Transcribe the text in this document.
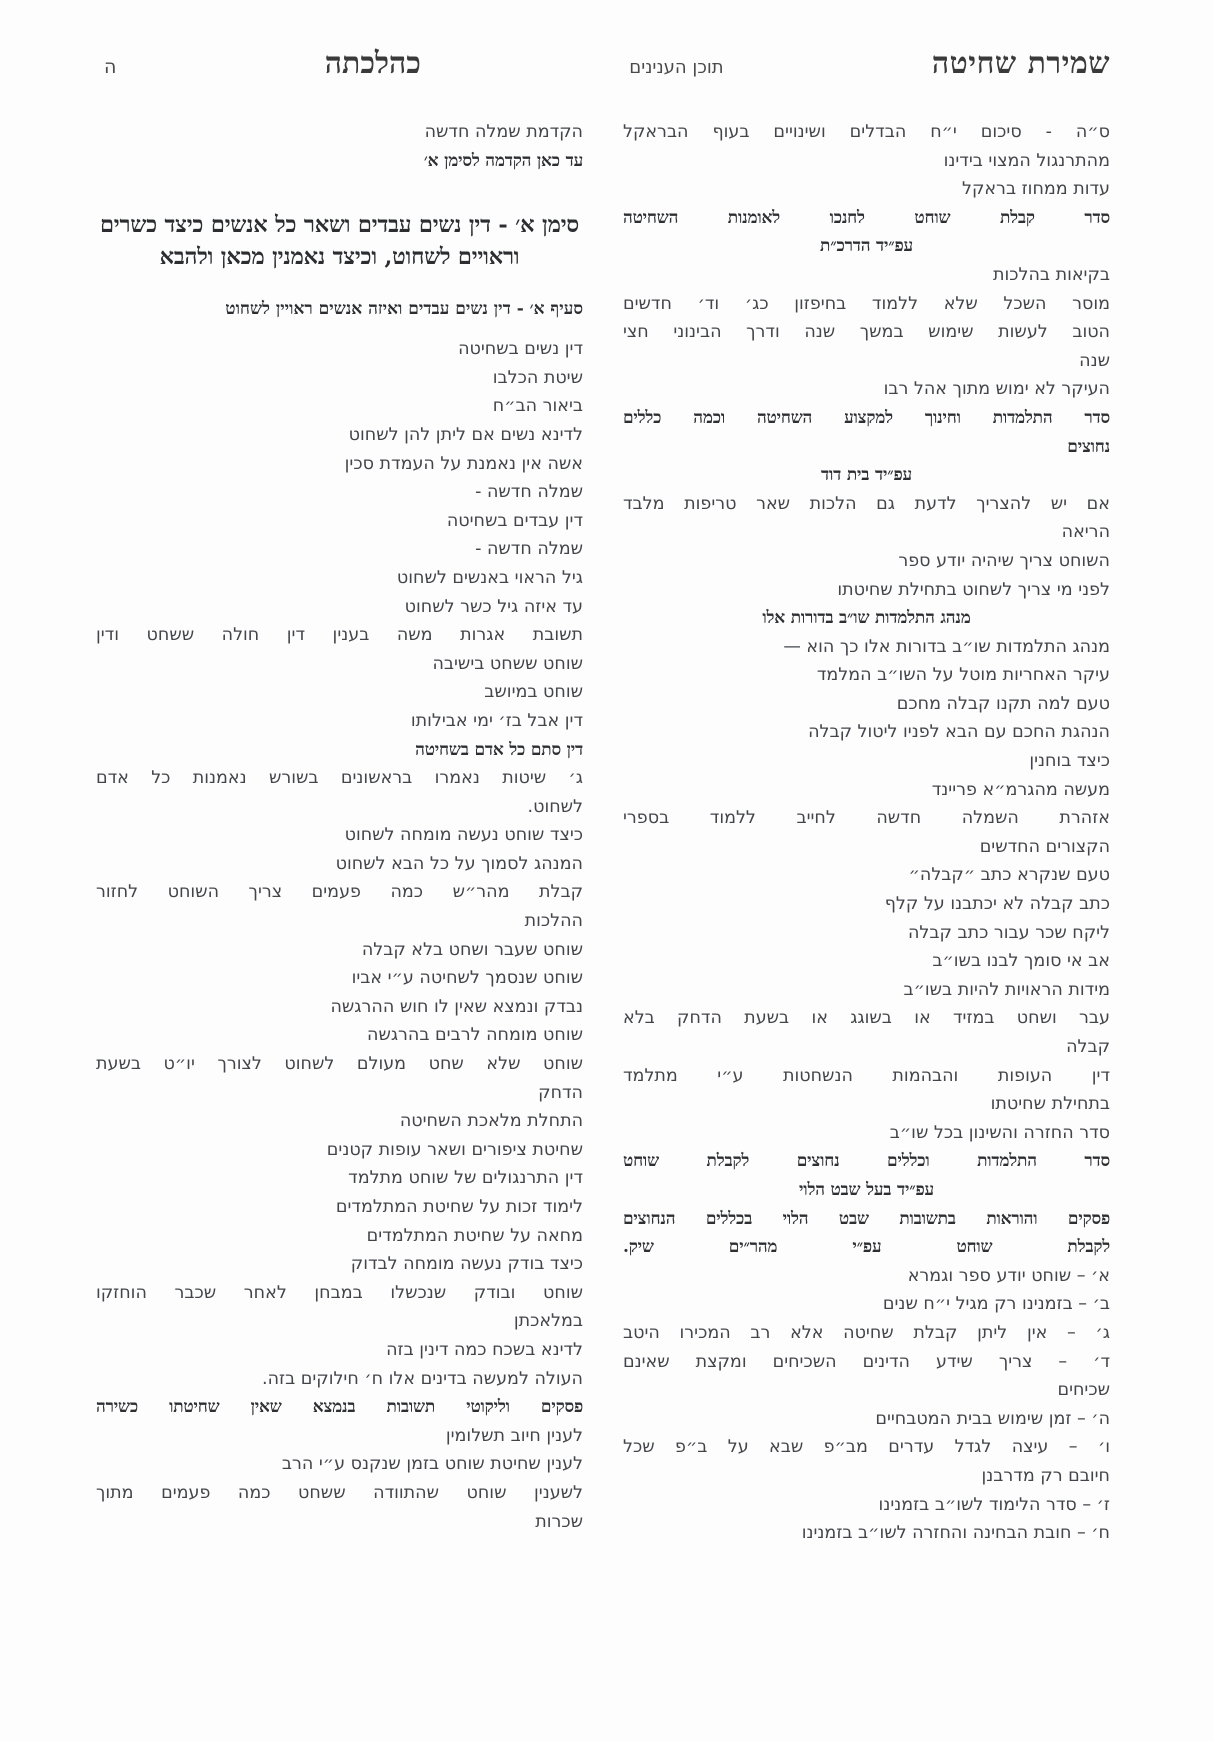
שמירת שחיטה
תוכן הענינים
כהלכתה
ה

ס״ה - סיכום י״ח הבדלים ושינויים בעוף הבראקל

מהתרנגול המצוי בידינו

עדות ממחוז בראקל

סדר קבלת שוחט לחנכו לאומנות השחיטה

עפ״יד הדרכ״ת

בקיאות בהלכות

מוסר השכל שלא ללמוד בחיפזון כג׳ וד׳ חדשים

הטוב לעשות שימוש במשך שנה ודרך הבינוני חצי

שנה

העיקר לא ימוש מתוך אהל רבו

סדר התלמדות וחינוך למקצוע השחיטה וכמה כללים

נחוצים

עפ״יד בית דוד

אם יש להצריך לדעת גם הלכות שאר טריפות מלבד

הריאה

השוחט צריך שיהיה יודע ספר

לפני מי צריך לשחוט בתחילת שחיטתו

מנהג התלמדות שו״ב בדורות אלו

מנהג התלמדות שו״ב בדורות אלו כך הוא —

עיקר האחריות מוטל על השו״ב המלמד

טעם למה תקנו קבלה מחכם

הנהגת החכם עם הבא לפניו ליטול קבלה

כיצד בוחנין

מעשה מהגרמ״א פריינד

אזהרת השמלה חדשה לחייב ללמוד בספרי

הקצורים החדשים

טעם שנקרא כתב ״קבלה״

כתב קבלה לא יכתבנו על קלף

ליקח שכר עבור כתב קבלה

אב אי סומך לבנו בשו״ב

מידות הראויות להיות בשו״ב

עבר ושחט במזיד או בשוגג או בשעת הדחק בלא

קבלה

דין העופות והבהמות הנשחטות ע״י מתלמד

בתחילת שחיטתו

סדר החזרה והשינון בכל שו״ב

סדר התלמדות וכללים נחוצים לקבלת שוחט

עפ״יד בעל שבט הלוי

פסקים והוראות בתשובות שבט הלוי בכללים הנחוצים

לקבלת שוחט עפ״י מהר״ים שיק.

א׳ – שוחט יודע ספר וגמרא

ב׳ – בזמנינו רק מגיל י״ח שנים

ג׳ – אין ליתן קבלת שחיטה אלא רב המכירו היטב

ד׳ – צריך שידע הדינים השכיחים ומקצת שאינם

שכיחים

ה׳ – זמן שימוש בבית המטבחיים

ו׳ – עיצה לגדל עדרים מב״פ שבא על ב״פ שכל

חיובם רק מדרבנן

ז׳ – סדר הלימוד לשו״ב בזמנינו

ח׳ – חובת הבחינה והחזרה לשו״ב בזמנינו

הקדמת שמלה חדשה

עד כאן הקדמה לסימן א׳

סימן א׳ - דין נשים עבדים ושאר כל אנשים כיצד כשרים וראויים לשחוט, וכיצד נאמנין מכאן ולהבא

סעיף א׳ - דין נשים עבדים ואיזה אנשים ראויין לשחוט

דין נשים בשחיטה

שיטת הכלבו

ביאור הב״ח

לדינא נשים אם ליתן להן לשחוט

אשה אין נאמנת על העמדת סכין

שמלה חדשה -

דין עבדים בשחיטה

שמלה חדשה -

גיל הראוי באנשים לשחוט

עד איזה גיל כשר לשחוט

תשובת אגרות משה בענין דין חולה ששחט ודין

שוחט ששחט בישיבה

שוחט במיושב

דין אבל בז׳ ימי אבילותו

דין סתם כל אדם בשחיטה

ג׳ שיטות נאמרו בראשונים בשורש נאמנות כל אדם

לשחוט.

כיצד שוחט נעשה מומחה לשחוט

המנהג לסמוך על כל הבא לשחוט

קבלת מהר״ש כמה פעמים צריך השוחט לחזור

ההלכות

שוחט שעבר ושחט בלא קבלה

שוחט שנסמך לשחיטה ע״י אביו

נבדק ונמצא שאין לו חוש ההרגשה

שוחט מומחה לרבים בהרגשה

שוחט שלא שחט מעולם לשחוט לצורך יו״ט בשעת

הדחק

התחלת מלאכת השחיטה

שחיטת ציפורים ושאר עופות קטנים

דין התרנגולים של שוחט מתלמד

לימוד זכות על שחיטת המתלמדים

מחאה על שחיטת המתלמדים

כיצד בודק נעשה מומחה לבדוק

שוחט ובודק שנכשלו במבחן לאחר שכבר הוחזקו

במלאכתן

לדינא בשכח כמה דינין בזה

העולה למעשה בדינים אלו ח׳ חילוקים בזה.

פסקים וליקוטי תשובות בנמצא שאין שחיטתו כשירה

לענין חיוב תשלומין

לענין שחיטת שוחט בזמן שנקנס ע״י הרב

לשענין שוחט שהתוודה ששחט כמה פעמים מתוך

שכרות
